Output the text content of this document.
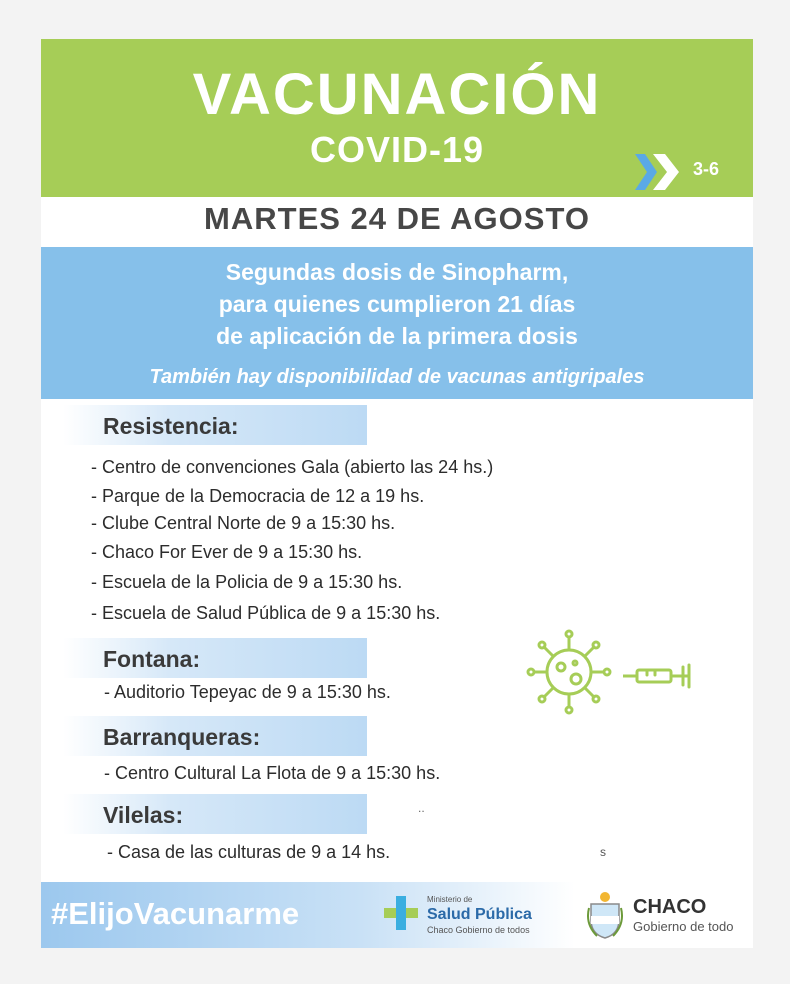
VACUNACIÓN
COVID-19	3-6
MARTES 24 DE AGOSTO
Segundas dosis de Sinopharm,
para quienes cumplieron 21 días
de aplicación de la primera dosis
También hay disponibilidad de vacunas antigripales
Resistencia:
- Centro de convenciones Gala (abierto las 24 hs.)
- Parque de la Democracia de 12 a 19 hs.
- Clube Central Norte de 9 a 15:30 hs.
- Chaco For Ever de 9 a 15:30 hs.
- Escuela de la Policia de 9 a 15:30 hs.
- Escuela de Salud Pública de 9 a 15:30 hs.
Fontana:
- Auditorio Tepeyac de 9 a 15:30 hs.
Barranqueras:
- Centro Cultural La Flota de 9 a 15:30 hs.
Vilelas:
- Casa de las culturas de 9 a 14 hs.
..
s
#ElijoVacunarme	Ministerio de
Salud Pública
Chaco Gobierno de todos
CHACO
Gobierno de todo
